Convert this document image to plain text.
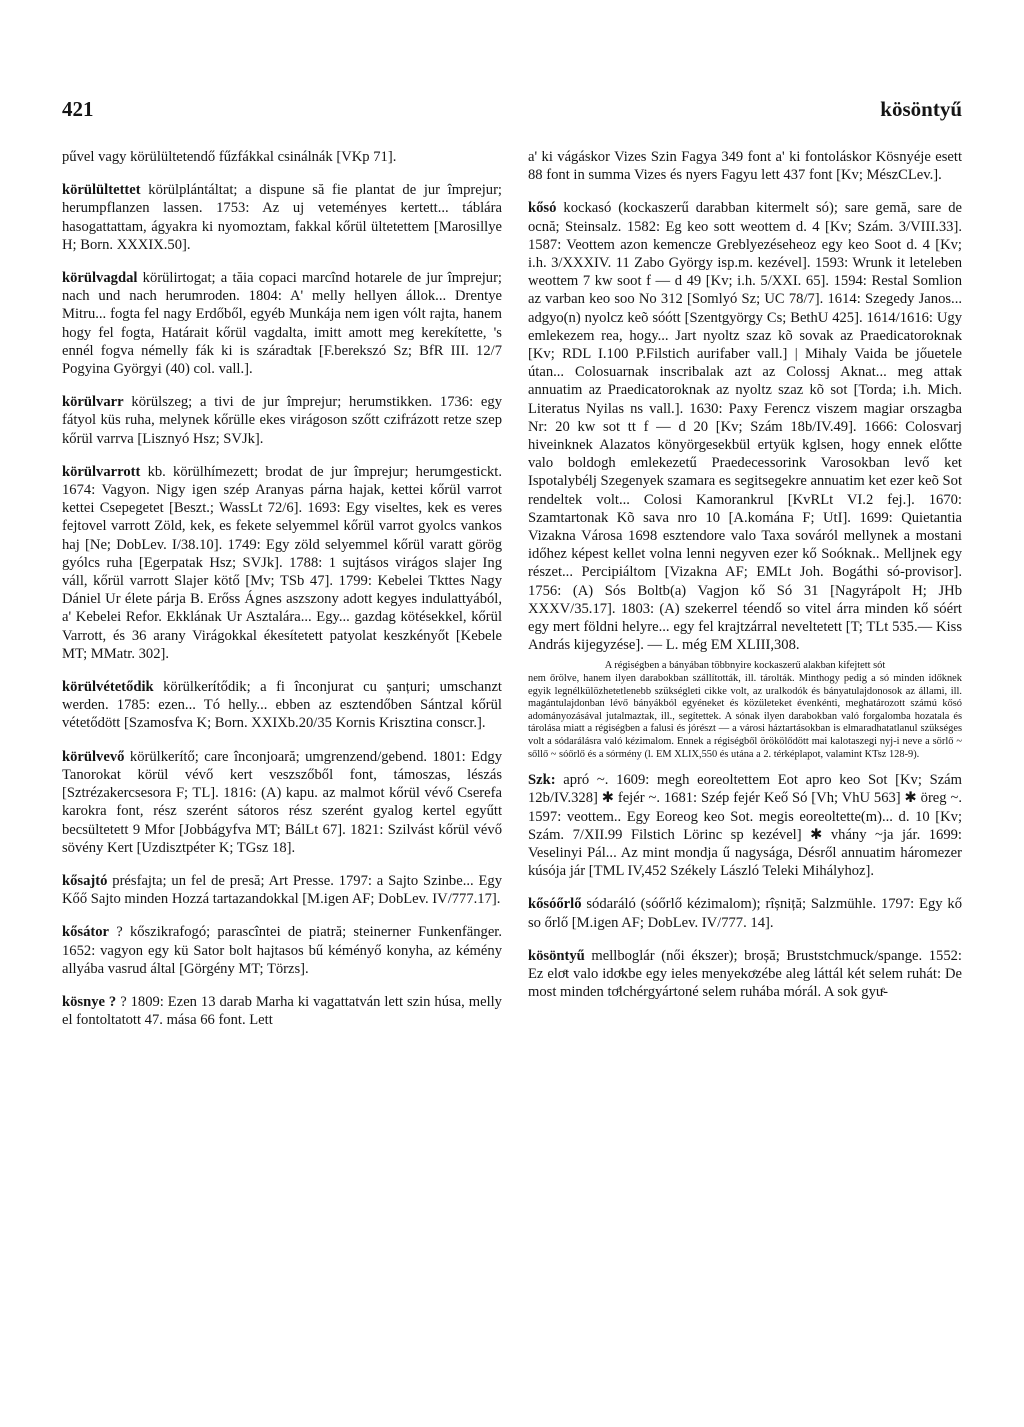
421	kösöntyű

pűvel vagy körülültetendő fűzfákkal csinálnák [VKp 71].

körülültettet körülplántáltat; a dispune să fie plantat de jur împrejur; herumpflanzen lassen. 1753: Az uj veteményes kertett... táblára hasogattattam, ágyakra ki nyomoztam, fakkal kőrül ültetettem [Marosillye H; Born. XXXIX.50].

körülvagdal körülirtogat; a tăia copaci marcînd hotarele de jur împrejur; nach und nach herumroden. 1804: A' melly hellyen állok... Drentye Mitru... fogta fel nagy Erdőből, egyéb Munkája nem igen vólt rajta, hanem hogy fel fogta, Határait kőrül vagdalta, imitt amott meg kerekítette, 's ennél fogva némelly fák ki is száradtak [F.berekszó Sz; BfR III. 12/7 Pogyina Györgyi (40) col. vall.].

körülvarr körülszeg; a tivi de jur împrejur; herumstikken. 1736: egy fátyol küs ruha, melynek kőrülle ekes virágoson szőtt czifrázott retze szep kőrül varrva [Lisznyó Hsz; SVJk].

körülvarrott kb. körülhímezett; brodat de jur împrejur; herumgestickt. 1674: Vagyon. Nigy igen szép Aranyas párna hajak, kettei kőrül varrot kettei Csepegetet [Beszt.; WassLt 72/6]. 1693: Egy viseltes, kek es veres fejtovel varrott Zöld, kek, es fekete selyemmel kőrül varrot gyolcs vankos haj [Ne; DobLev. I/38.10]. 1749: Egy zöld selyemmel kőrül varatt görög gyólcs ruha [Egerpatak Hsz; SVJk]. 1788: 1 sujtásos virágos slajer Ing váll, kőrül varrott Slajer kötő [Mv; TSb 47]. 1799: Kebelei Tkttes Nagy Dániel Ur élete párja B. Erőss Ágnes aszszony adott kegyes indulattyából, a' Kebelei Refor. Ekklának Ur Asztalára... Egy... gazdag kötésekkel, kőrül Varrott, és 36 arany Virágokkal ékesítetett patyolat keszkényőt [Kebele MT; MMatr. 302].

körülvétetődik körülkerítődik; a fi înconjurat cu șanțuri; umschanzt werden. 1785: ezen... Tó helly... ebben az esztendőben Sántzal kőrül vétetődött [Szamosfva K; Born. XXIXb.20/35 Kornis Krisztina conscr.].

körülvevő körülkerítő; care înconjoară; umgrenzend/gebend. 1801: Edgy Tanorokat körül vévő kert veszszőből font, támoszas, lészás [Sztrézakercsesora F; TL]. 1816: (A) kapu. az malmot kőrül vévő Cserefa karokra font, rész szerént sátoros rész szerént gyalog kertel egyűtt becsültetett 9 Mfor [Jobbágyfva MT; BálLt 67]. 1821: Szilvást kőrül vévő sövény Kert [Uzdisztpéter K; TGsz 18].

kősajtó présfajta; un fel de presă; Art Presse. 1797: a Sajto Szinbe... Egy Kőő Sajto minden Hozzá tartazandokkal [M.igen AF; DobLev. IV/777.17].

kősátor ? kőszikrafogó; parascîntei de piatră; steinerner Funkenfänger. 1652: vagyon egy kü Sator bolt hajtasos bű kéményő konyha, az kémény allyába vasrud által [Görgény MT; Törzs].

kösnye ? ? 1809: Ezen 13 darab Marha ki vagattatván lett szin húsa, melly el fontoltatott 47. mása 66 font. Lett

a' ki vágáskor Vizes Szin Fagya 349 font a' ki fontoláskor Kösnyéje esett 88 font in summa Vizes és nyers Fagyu lett 437 font [Kv; MészCLev.].

kősó kockasó (kockaszerű darabban kitermelt só); sare gemă, sare de ocnă; Steinsalz. 1582: Eg keo sott weottem d. 4 [Kv; Szám. 3/VIII.33]. 1587: Veottem azon kemencze Greblyezéseheoz egy keo Soot d. 4 [Kv; i.h. 3/XXXIV. 11 Zabo György isp.m. kezével]. 1593: Wrunk it leteleben weottem 7 kw soot f — d 49 [Kv; i.h. 5/XXI. 65]. 1594: Restal Somlion az varban keo soo No 312 [Somlyó Sz; UC 78/7]. 1614: Szegedy Janos... adgyo(n) nyolcz keõ sóótt [Szentgyörgy Cs; BethU 425]. 1614/1616: Ugy emlekezem rea, hogy... Jart nyoltz szaz kõ sovak az Praedicatoroknak [Kv; RDL I.100 P.Filstich aurifaber vall.] | Mihaly Vaida be jőuetele útan... Colosuarnak inscribalak azt az Colossj Aknat... meg attak annuatim az Praedicatoroknak az nyoltz szaz kõ sot [Torda; i.h. Mich. Literatus Nyilas ns vall.]. 1630: Paxy Ferencz viszem magiar orszagba Nr: 20 kw sot tt f — d 20 [Kv; Szám 18b/IV.49]. 1666: Colosvarj hiveinknek Alazatos könyörgesekbül ertyük kglsen, hogy ennek előtte valo boldogh emlekezetű Praedecessorink Varosokban levő ket Ispotalybélj Szegenyek szamara es segitsegekre annuatim ket ezer keõ Sot rendeltek volt... Colosi Kamorankrul [KvRLt VI.2 fej.]. 1670: Szamtartonak Kõ sava nro 10 [A.komána F; UtI]. 1699: Quietantia Vizakna Városa 1698 esztendore valo Taxa sováról mellynek a mostani időhez képest kellet volna lenni negyven ezer kő Soóknak.. Melljnek egy részet... Percipiáltom [Vizakna AF; EMLt Joh. Bogáthi só-provisor]. 1756: (A) Sós Boltb(a) Vagjon kő Só 31 [Nagyrápolt H; JHb XXXV/35.17]. 1803: (A) szekerrel téendő so vitel árra minden kő sóért egy mert földni helyre... egy fel krajtzárral neveltetett [T; TLt 535.— Kiss András kijegyzése]. — L. még EM XLIII,308.

A régiségben a bányában többnyire kockaszerű alakban kifejtett sót
nem őrölve, hanem ilyen darabokban szállították, ill. tárolták. Minthogy pedig a só minden időknek egyik legnélkülözhetetlenebb szükségleti cikke volt, az uralkodók és bányatulajdonosok az állami, ill. magántulajdonban lévő bányákból egyéneket és közületeket évenkénti, meghatározott számú kősó adományozásával jutalmaztak, ill., segítettek. A sónak ilyen darabokban való forgalomba hozatala és tárolása miatt a régiségben a falusi és jórészt — a városi háztartásokban is elmaradhatatlanul szükséges volt a sódarálásra való kézimalom. Ennek a régiségből örökölődött mai kalotaszegi nyj-i neve a sörlő ~ sőllő ~ sóőrlő és a sórmény (l. EM XLIX,550 és utána a 2. térképlapot, valamint KTsz 128-9).

Szk: apró ~. 1609: megh eoreoltettem Eot apro keo Sot [Kv; Szám 12b/IV.328] ✱ fejér ~. 1681: Szép fejér Keő Só [Vh; VhU 563] ✱ öreg ~. 1597: veottem.. Egy Eoreog keo Sot. megis eoreoltette(m)... d. 10 [Kv; Szám. 7/XII.99 Filstich Lörinc sp kezével] ✱ vhány ~ja jár. 1699: Veselinyi Pál... Az mint mondja ű nagysága, Désről annuatim háromezer kúsója jár [TML IV,452 Székely László Teleki Mihályhoz].

kősóőrlő sódaráló (sóőrlő kézimalom); rîșniță; Salzmühle. 1797: Egy kő so őrlő [M.igen AF; DobLev. IV/777. 14].

kösöntyű mellboglár (női ékszer); broșă; Bruststchmuck/spange. 1552: Ez eloͤt valo idoͤkbe egy ieles menyekoͤzébe aleg láttál két selem ruhát: De most minden toͤlchérgyártoné selem ruhába mórál. A sok gyuͤ-
